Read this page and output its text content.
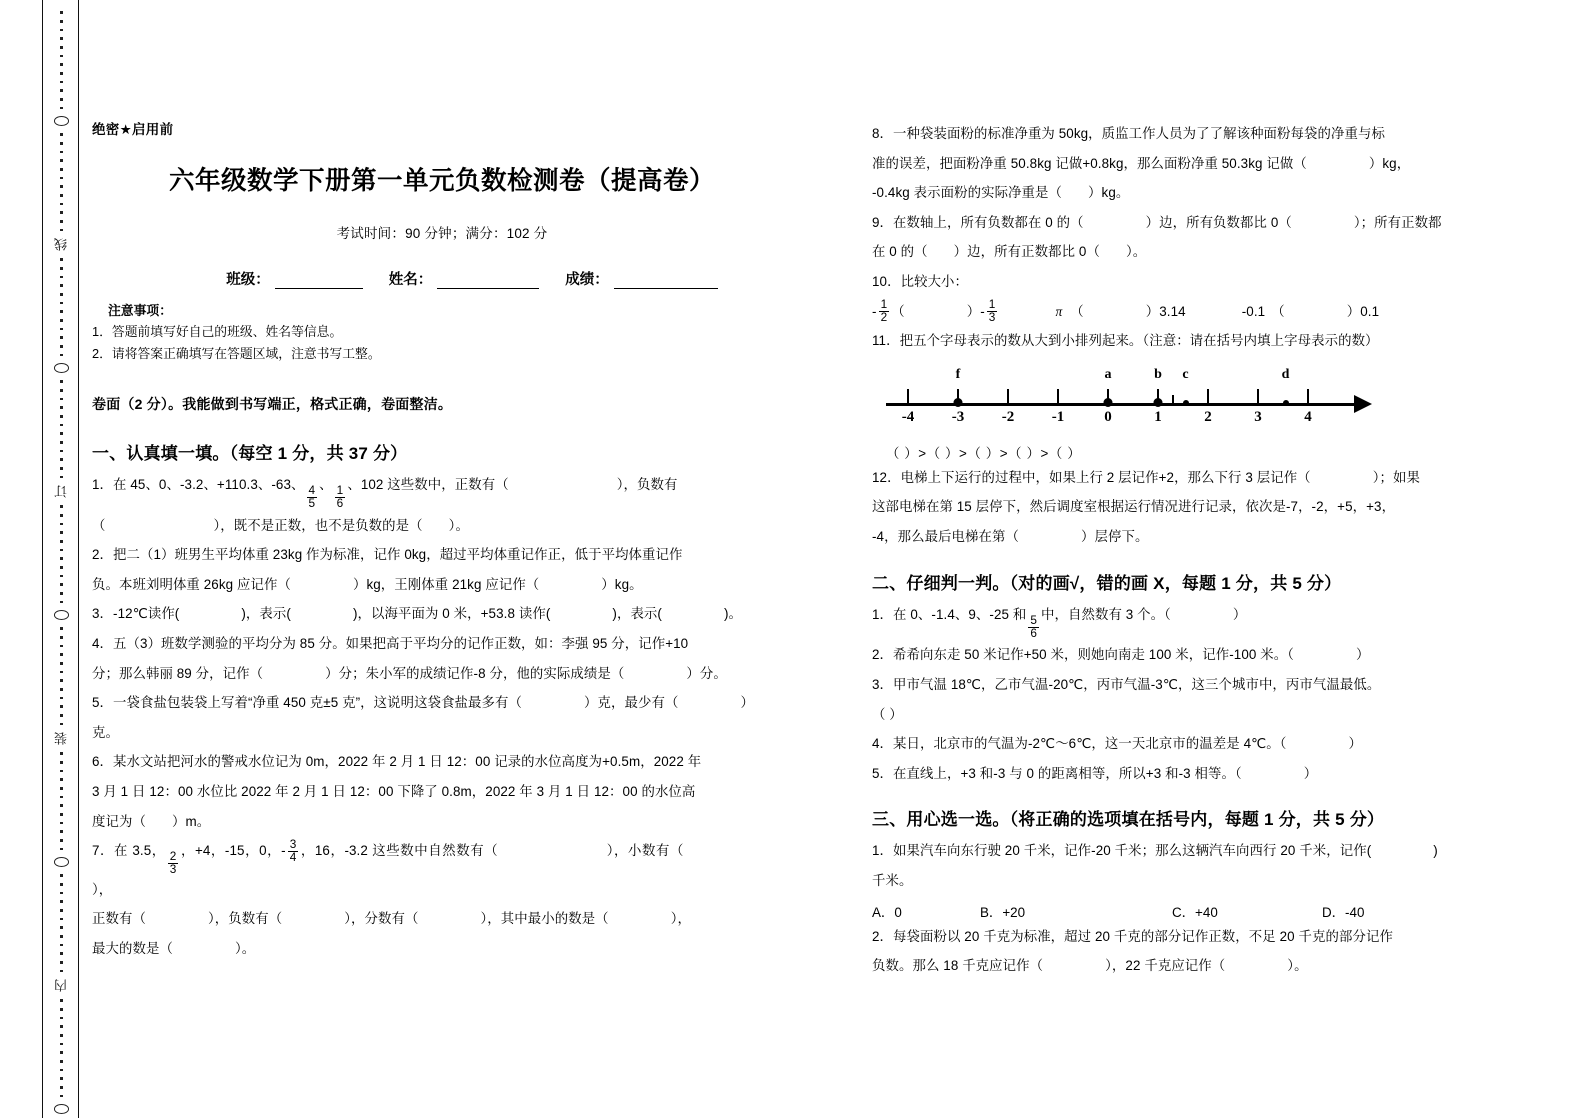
线
订
装
内
绝密★启用前
六年级数学下册第一单元负数检测卷（提高卷）
考试时间：90 分钟；满分：102 分
班级：	姓名：	成绩：
注意事项：
1．答题前填写好自己的班级、姓名等信息。
2．请将答案正确填写在答题区域，注意书写工整。
卷面（2 分）。我能做到书写端正，格式正确，卷面整洁。
一、认真填一填。（每空 1 分，共 37 分）
1．在 45、0、-3.2、+110.3、-63、
$\frac{4}{5}$
、
$\frac{1}{6}$
、102 这些数中，正数有（	），负数有
（	），既不是正数，也不是负数的是（ ）。
2．把二（1）班男生平均体重 23kg 作为标准，记作 0kg，超过平均体重记作正，低于平均体重记作
负。本班刘明体重 26kg 应记作（	）kg，王刚体重 21kg 应记作（	）kg。
3．-12℃读作(	)，表示(	)，以海平面为 0 米，+53.8 读作(	)，表示(	)。
4．五（3）班数学测验的平均分为 85 分。如果把高于平均分的记作正数，如：李强 95 分，记作+10
分；那么韩丽 89 分，记作（	）分；朱小军的成绩记作-8 分，他的实际成绩是（	）分。
5．一袋食盐包装袋上写着“净重 450 克±5 克”，这说明这袋食盐最多有（	）克，最少有（	）
克。
6．某水文站把河水的警戒水位记为 0m，2022 年 2 月 1 日 12：00 记录的水位高度为+0.5m，2022 年
3 月 1 日 12：00 水位比 2022 年 2 月 1 日 12：00 下降了 0.8m，2022 年 3 月 1 日 12：00 的水位高
度记为（ ）m。
7．在 3.5，
$\frac{2}{3}$
，+4，-15，0， - $\frac{3}{4}$ ，16，-3.2 这些数中自然数有（	），小数有（），
正数有（	），负数有（	），分数有（	），其中最小的数是（	），
最大的数是（	）。
8．一种袋装面粉的标准净重为 50kg，质监工作人员为了了解该种面粉每袋的净重与标
准的误差，把面粉净重 50.8kg 记做+0.8kg，那么面粉净重 50.3kg 记做（	）kg，
-0.4kg 表示面粉的实际净重是（ ）kg。
9．在数轴上，所有负数都在 0 的（	）边，所有负数都比 0（	）；所有正数都
在 0 的（ ）边，所有正数都比 0（ ）。
10．比较大小：
- $\frac{1}{2}$ （	） - $\frac{1}{3}$	π （	） 3.14	-0.1 （	） 0.1
11．把五个字母表示的数从大到小排列起来。（注意：请在括号内填上字母表示的数）
-4	-3	-2	-1	0	1	2	3	4
f	a	b c	d
（ ）>（ ）>（ ）>（ ）>（ ）
12．电梯上下运行的过程中，如果上行 2 层记作+2，那么下行 3 层记作（	）；如果
这部电梯在第 15 层停下，然后调度室根据运行情况进行记录，依次是-7，-2，+5，+3，
-4，那么最后电梯在第（	）层停下。
二、仔细判一判。（对的画√，错的画 X，每题 1 分，共 5 分）
1．在 0、-1.4、9、-25 和
$\frac{5}{6}$
中，自然数有 3 个。（	）
2．希希向东走 50 米记作+50 米，则她向南走 100 米，记作-100 米。（	）
3．甲市气温 18℃，乙市气温-20℃，丙市气温-3℃，这三个城市中，丙市气温最低。
（ ）
4．某日，北京市的气温为-2℃～6℃，这一天北京市的温差是 4℃。（	）
5．在直线上，+3 和-3 与 0 的距离相等，所以+3 和-3 相等。（	）
三、用心选一选。（将正确的选项填在括号内，每题 1 分，共 5 分）
1．如果汽车向东行驶 20 千米，记作-20 千米；那么这辆汽车向西行 20 千米，记作(	)
千米。
A．0	B．+20	C．+40	D．-40
2．每袋面粉以 20 千克为标准，超过 20 千克的部分记作正数，不足 20 千克的部分记作
负数。那么 18 千克应记作（	），22 千克应记作（	）。
